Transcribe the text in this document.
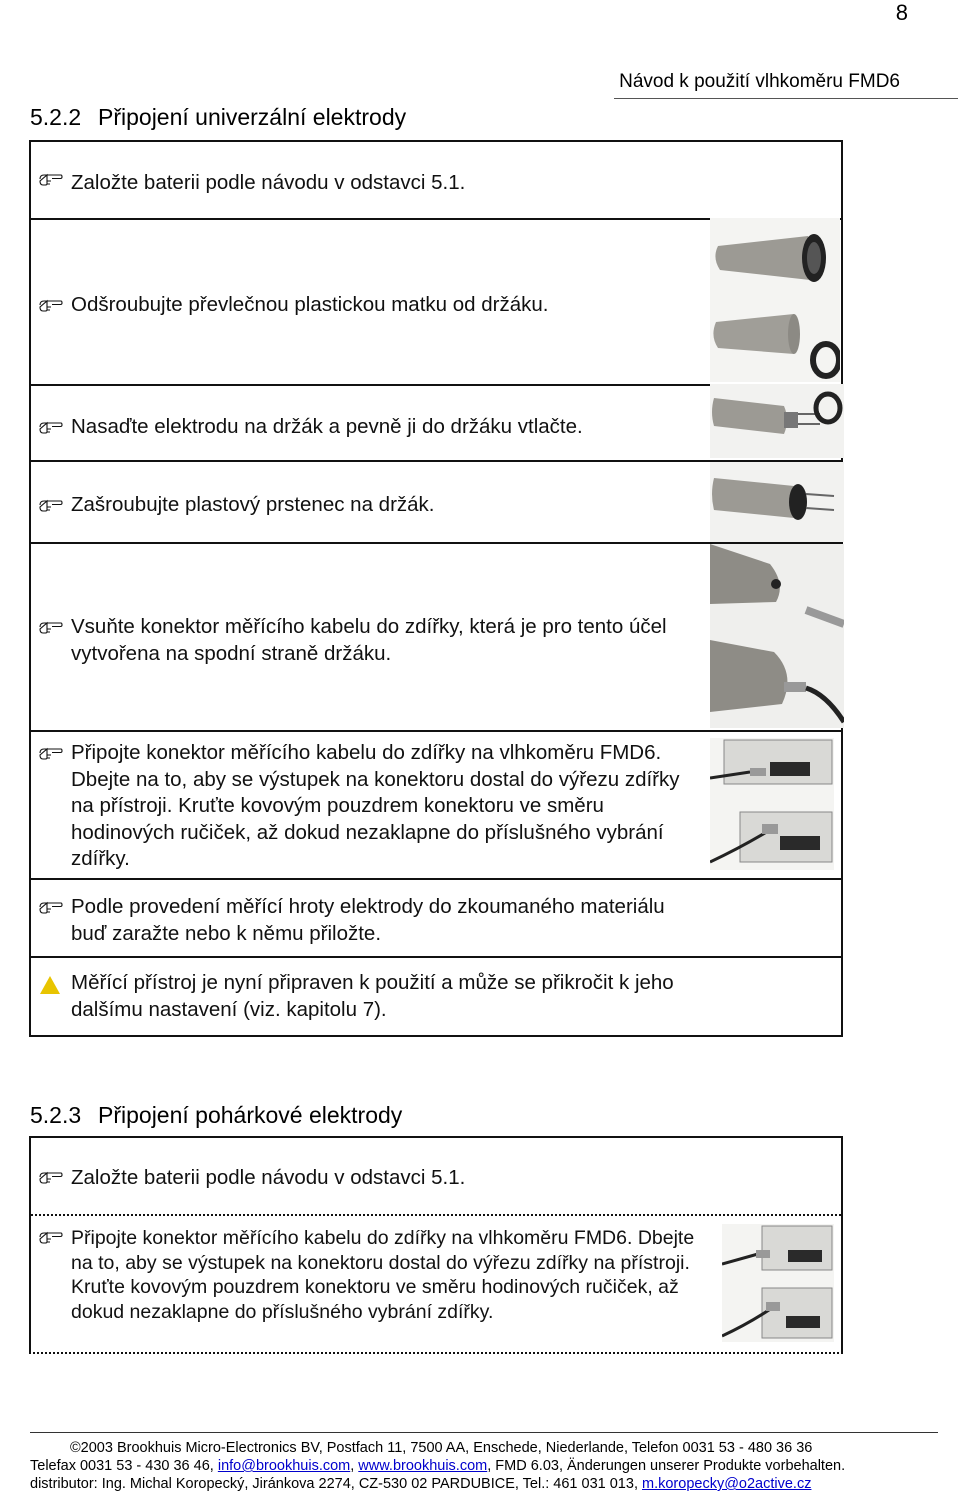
8
Návod k použití vlhkoměru FMD6
5.2.2 Připojení univerzální elektrody
Založte baterii podle návodu v odstavci 5.1.
Odšroubujte převlečnou plastickou matku od držáku.
Nasaďte elektrodu na držák a pevně ji do držáku vtlačte.
Zašroubujte plastový prstenec na držák.
Vsuňte konektor měřícího kabelu do zdířky, která je pro tento účel vytvořena na spodní straně držáku.
Připojte konektor měřícího kabelu do zdířky na vlhkoměru FMD6. Dbejte na to, aby se výstupek na konektoru dostal do výřezu zdířky na přístroji. Kruťte kovovým pouzdrem konektoru ve směru hodinových ručiček, až dokud nezaklapne do příslušného vybrání zdířky.
Podle provedení měřící hroty elektrody do zkoumaného materiálu buď zaražte nebo k němu přiložte.
Měřící přístroj je nyní připraven k použití a může se přikročit k jeho dalšímu nastavení (viz. kapitolu 7).
5.2.3 Připojení pohárkové elektrody
Založte baterii podle návodu v odstavci 5.1.
Připojte konektor měřícího kabelu do zdířky na vlhkoměru FMD6. Dbejte na to, aby se výstupek na konektoru dostal do výřezu zdířky na přístroji. Kruťte kovovým pouzdrem konektoru ve směru hodinových ručiček, až dokud nezaklapne do příslušného vybrání zdířky.
©2003 Brookhuis Micro-Electronics BV, Postfach 11, 7500 AA, Enschede, Niederlande, Telefon 0031 53 - 480 36 36
Telefax 0031 53 - 430 36 46, info@brookhuis.com, www.brookhuis.com, FMD 6.03, Änderungen unserer Produkte vorbehalten.
distributor: Ing. Michal Koropecký, Jiránkova 2274, CZ-530 02 PARDUBICE, Tel.: 461 031 013, m.koropecky@o2active.cz
